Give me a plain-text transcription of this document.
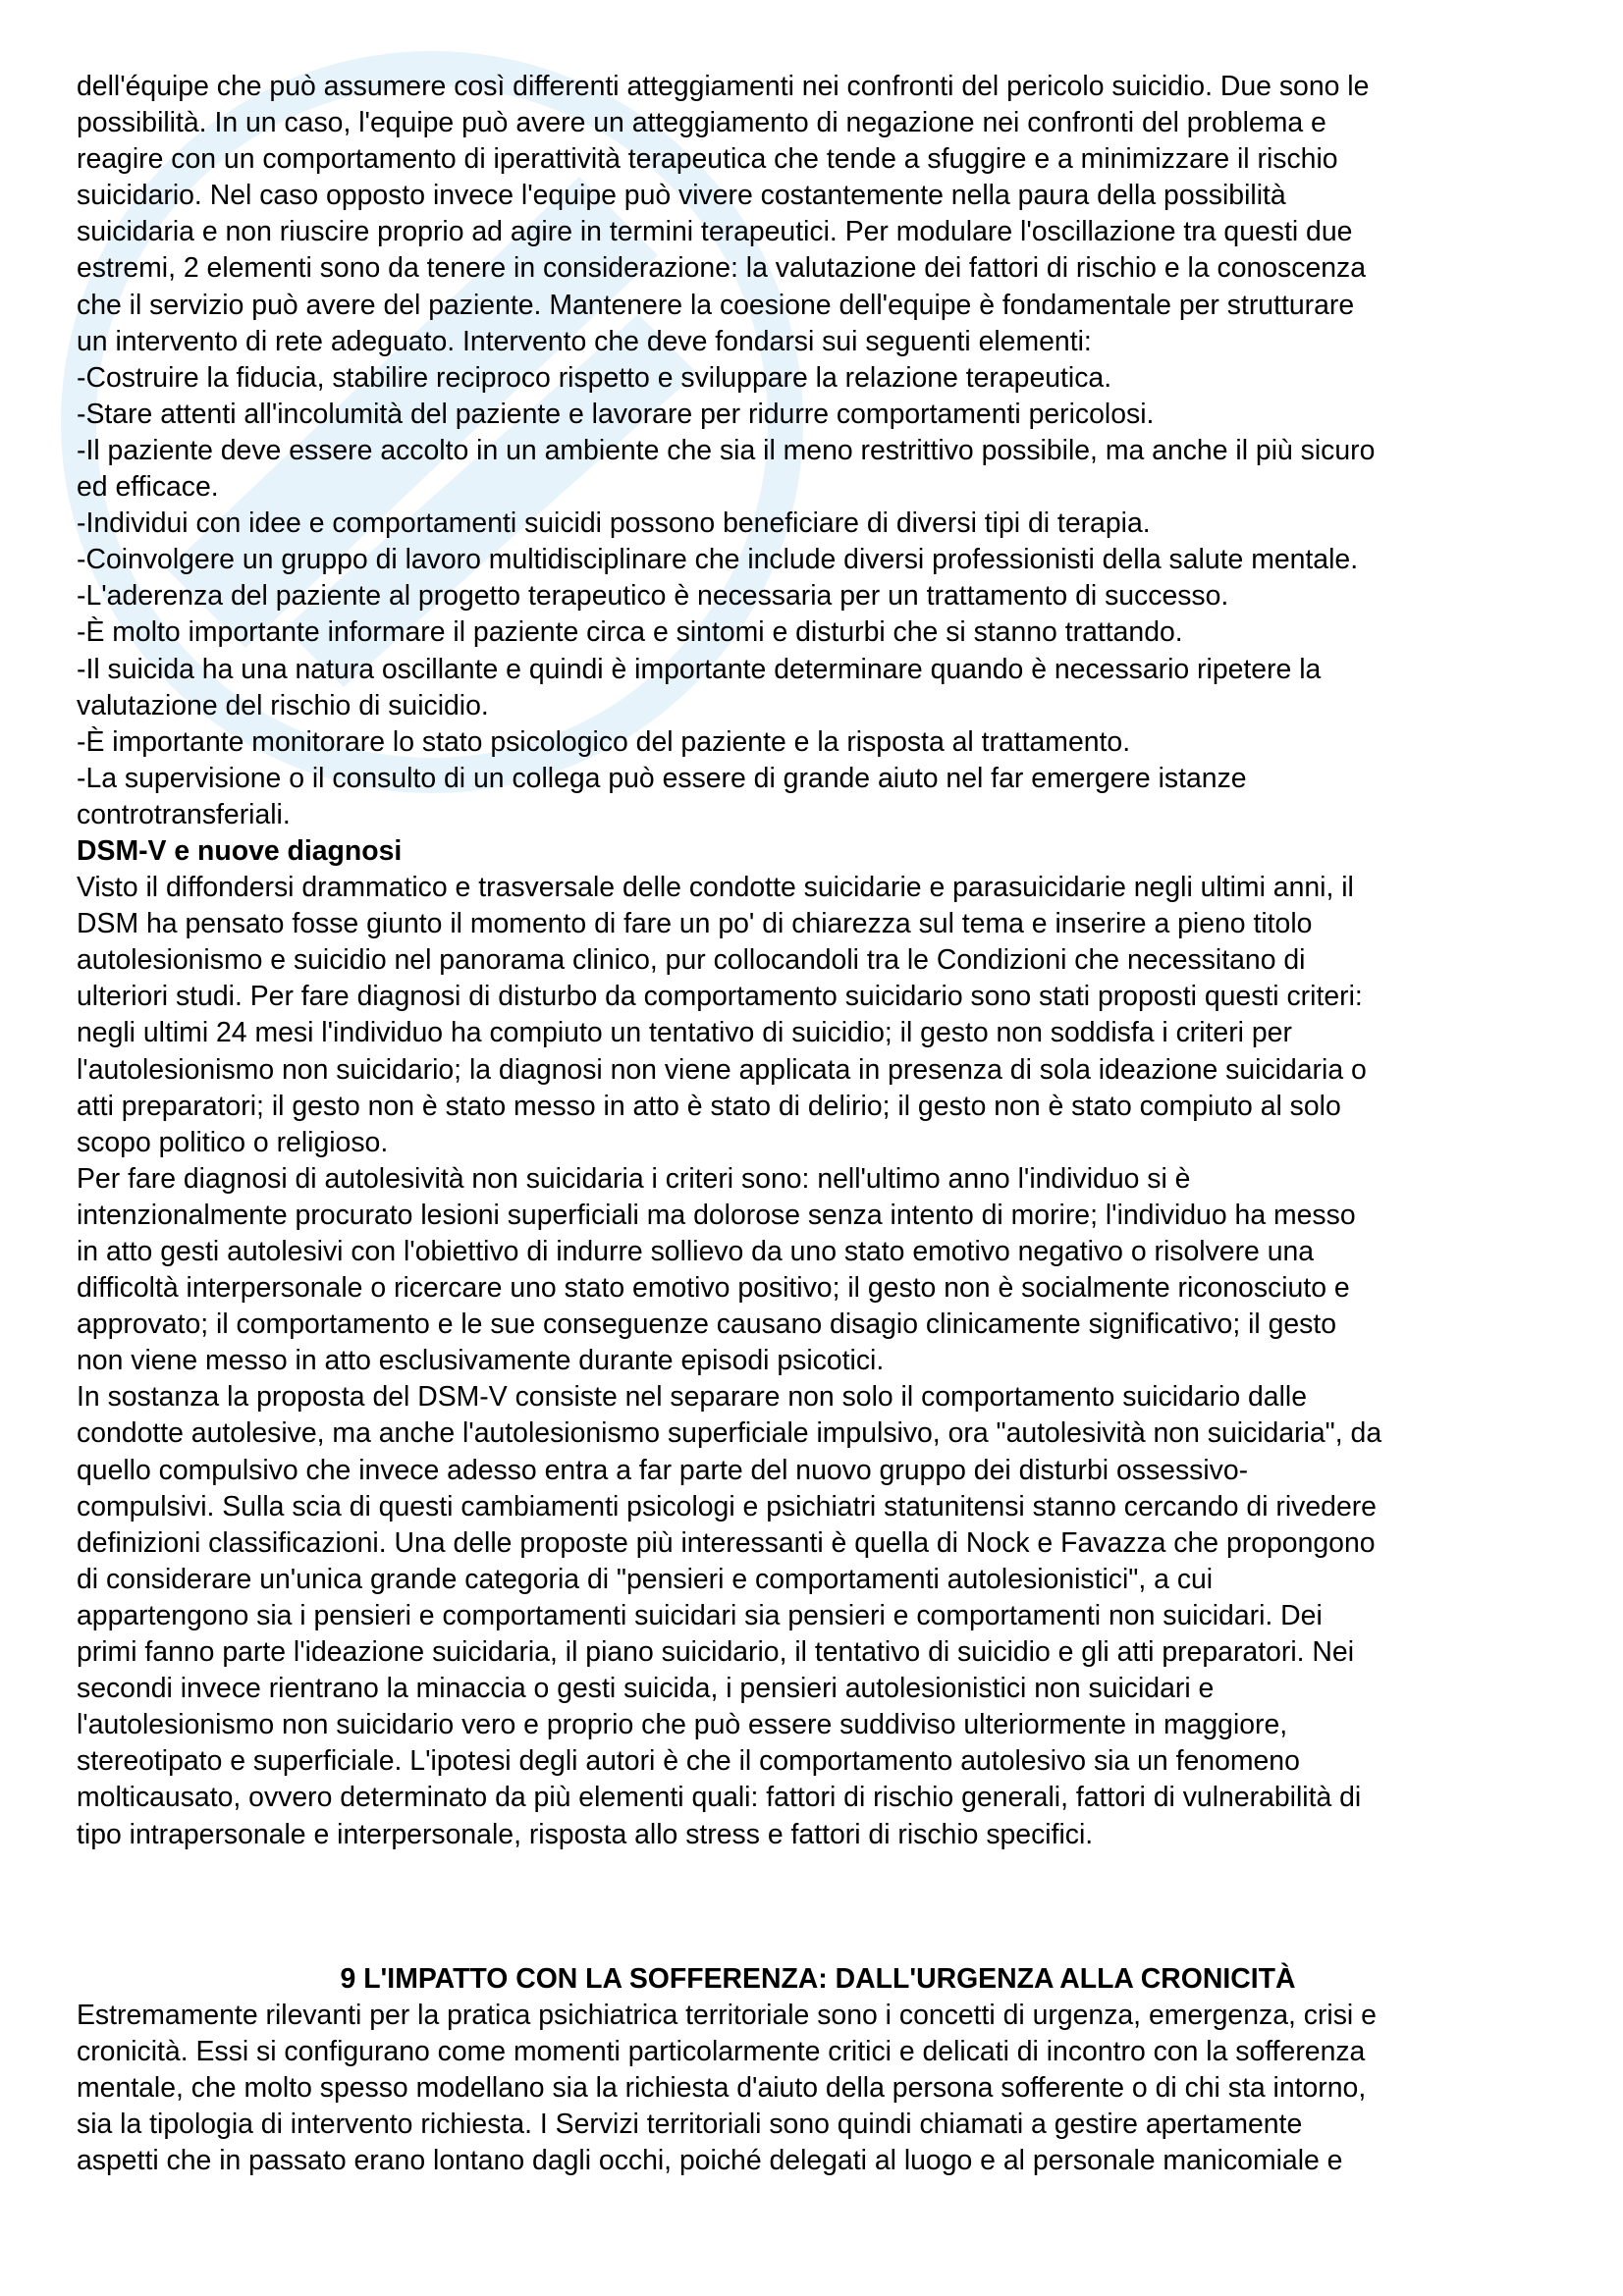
dell'équipe che può assumere così differenti atteggiamenti nei confronti del pericolo suicidio. Due sono le
possibilità. In un caso, l'equipe può avere un atteggiamento di negazione nei confronti del problema e
reagire con un comportamento di iperattività terapeutica che tende a sfuggire e a minimizzare il rischio
suicidario. Nel caso opposto invece l'equipe può vivere costantemente nella paura della possibilità
suicidaria e non riuscire proprio ad agire in termini terapeutici. Per modulare l'oscillazione tra questi due
estremi, 2 elementi sono da tenere in considerazione: la valutazione dei fattori di rischio e la conoscenza
che il servizio può avere del paziente. Mantenere la coesione dell'equipe è fondamentale per strutturare
un intervento di rete adeguato. Intervento che deve fondarsi sui seguenti elementi:
-Costruire la fiducia, stabilire reciproco rispetto e sviluppare la relazione terapeutica.
-Stare attenti all'incolumità del paziente e lavorare per ridurre comportamenti pericolosi.
-Il paziente deve essere accolto in un ambiente che sia il meno restrittivo possibile, ma anche il più sicuro
ed efficace.
-Individui con idee e comportamenti suicidi possono beneficiare di diversi tipi di terapia.
-Coinvolgere un gruppo di lavoro multidisciplinare che include diversi professionisti della salute mentale.
-L'aderenza del paziente al progetto terapeutico è necessaria per un trattamento di successo.
-È molto importante informare il paziente circa e sintomi e disturbi che si stanno trattando.
-Il suicida ha una natura oscillante e quindi è importante determinare quando è necessario ripetere la
valutazione del rischio di suicidio.
-È importante monitorare lo stato psicologico del paziente e la risposta al trattamento.
-La supervisione o il consulto di un collega può essere di grande aiuto nel far emergere istanze
controtransferiali.
DSM-V e nuove diagnosi
Visto il diffondersi drammatico e trasversale delle condotte suicidarie e parasuicidarie negli ultimi anni, il
DSM ha pensato fosse giunto il momento di fare un po' di chiarezza sul tema e inserire a pieno titolo
autolesionismo e suicidio nel panorama clinico, pur collocandoli tra le Condizioni che necessitano di
ulteriori studi. Per fare diagnosi di disturbo da comportamento suicidario sono stati proposti questi criteri:
negli ultimi 24 mesi l'individuo ha compiuto un tentativo di suicidio; il gesto non soddisfa i criteri per
l'autolesionismo non suicidario; la diagnosi non viene applicata in presenza di sola ideazione suicidaria o
atti preparatori; il gesto non è stato messo in atto è stato di delirio; il gesto non è stato compiuto al solo
scopo politico o religioso.
Per fare diagnosi di autolesività non suicidaria i criteri sono: nell'ultimo anno l'individuo si è
intenzionalmente procurato lesioni superficiali ma dolorose senza intento di morire; l'individuo ha messo
in atto gesti autolesivi con l'obiettivo di indurre sollievo da uno stato emotivo negativo o risolvere una
difficoltà interpersonale o ricercare uno stato emotivo positivo; il gesto non è socialmente riconosciuto e
approvato; il comportamento e le sue conseguenze causano disagio clinicamente significativo; il gesto
non viene messo in atto esclusivamente durante episodi psicotici.
In sostanza la proposta del DSM-V consiste nel separare non solo il comportamento suicidario dalle
condotte autolesive, ma anche l'autolesionismo superficiale impulsivo, ora "autolesività non suicidaria", da
quello compulsivo che invece adesso entra a far parte del nuovo gruppo dei disturbi ossessivo-
compulsivi. Sulla scia di questi cambiamenti psicologi e psichiatri statunitensi stanno cercando di rivedere
definizioni classificazioni. Una delle proposte più interessanti è quella di Nock e Favazza che propongono
di considerare un'unica grande categoria di "pensieri e comportamenti autolesionistici", a cui
appartengono sia i pensieri e comportamenti suicidari sia pensieri e comportamenti non suicidari. Dei
primi fanno parte l'ideazione suicidaria, il piano suicidario, il tentativo di suicidio e gli atti preparatori. Nei
secondi invece rientrano la minaccia o gesti suicida, i pensieri autolesionistici non suicidari e
l'autolesionismo non suicidario vero e proprio che può essere suddiviso ulteriormente in maggiore,
stereotipato e superficiale. L'ipotesi degli autori è che il comportamento autolesivo sia un fenomeno
molticausato, ovvero determinato da più elementi quali: fattori di rischio generali, fattori di vulnerabilità di
tipo intrapersonale e interpersonale, risposta allo stress e fattori di rischio specifici.
9 L'IMPATTO CON LA SOFFERENZA: DALL'URGENZA ALLA CRONICITÀ
Estremamente rilevanti per la pratica psichiatrica territoriale sono i concetti di urgenza, emergenza, crisi e
cronicità. Essi si configurano come momenti particolarmente critici e delicati di incontro con la sofferenza
mentale, che molto spesso modellano sia la richiesta d'aiuto della persona sofferente o di chi sta intorno,
sia la tipologia di intervento richiesta. I Servizi territoriali sono quindi chiamati a gestire apertamente
aspetti che in passato erano lontano dagli occhi, poiché delegati al luogo e al personale manicomiale e
